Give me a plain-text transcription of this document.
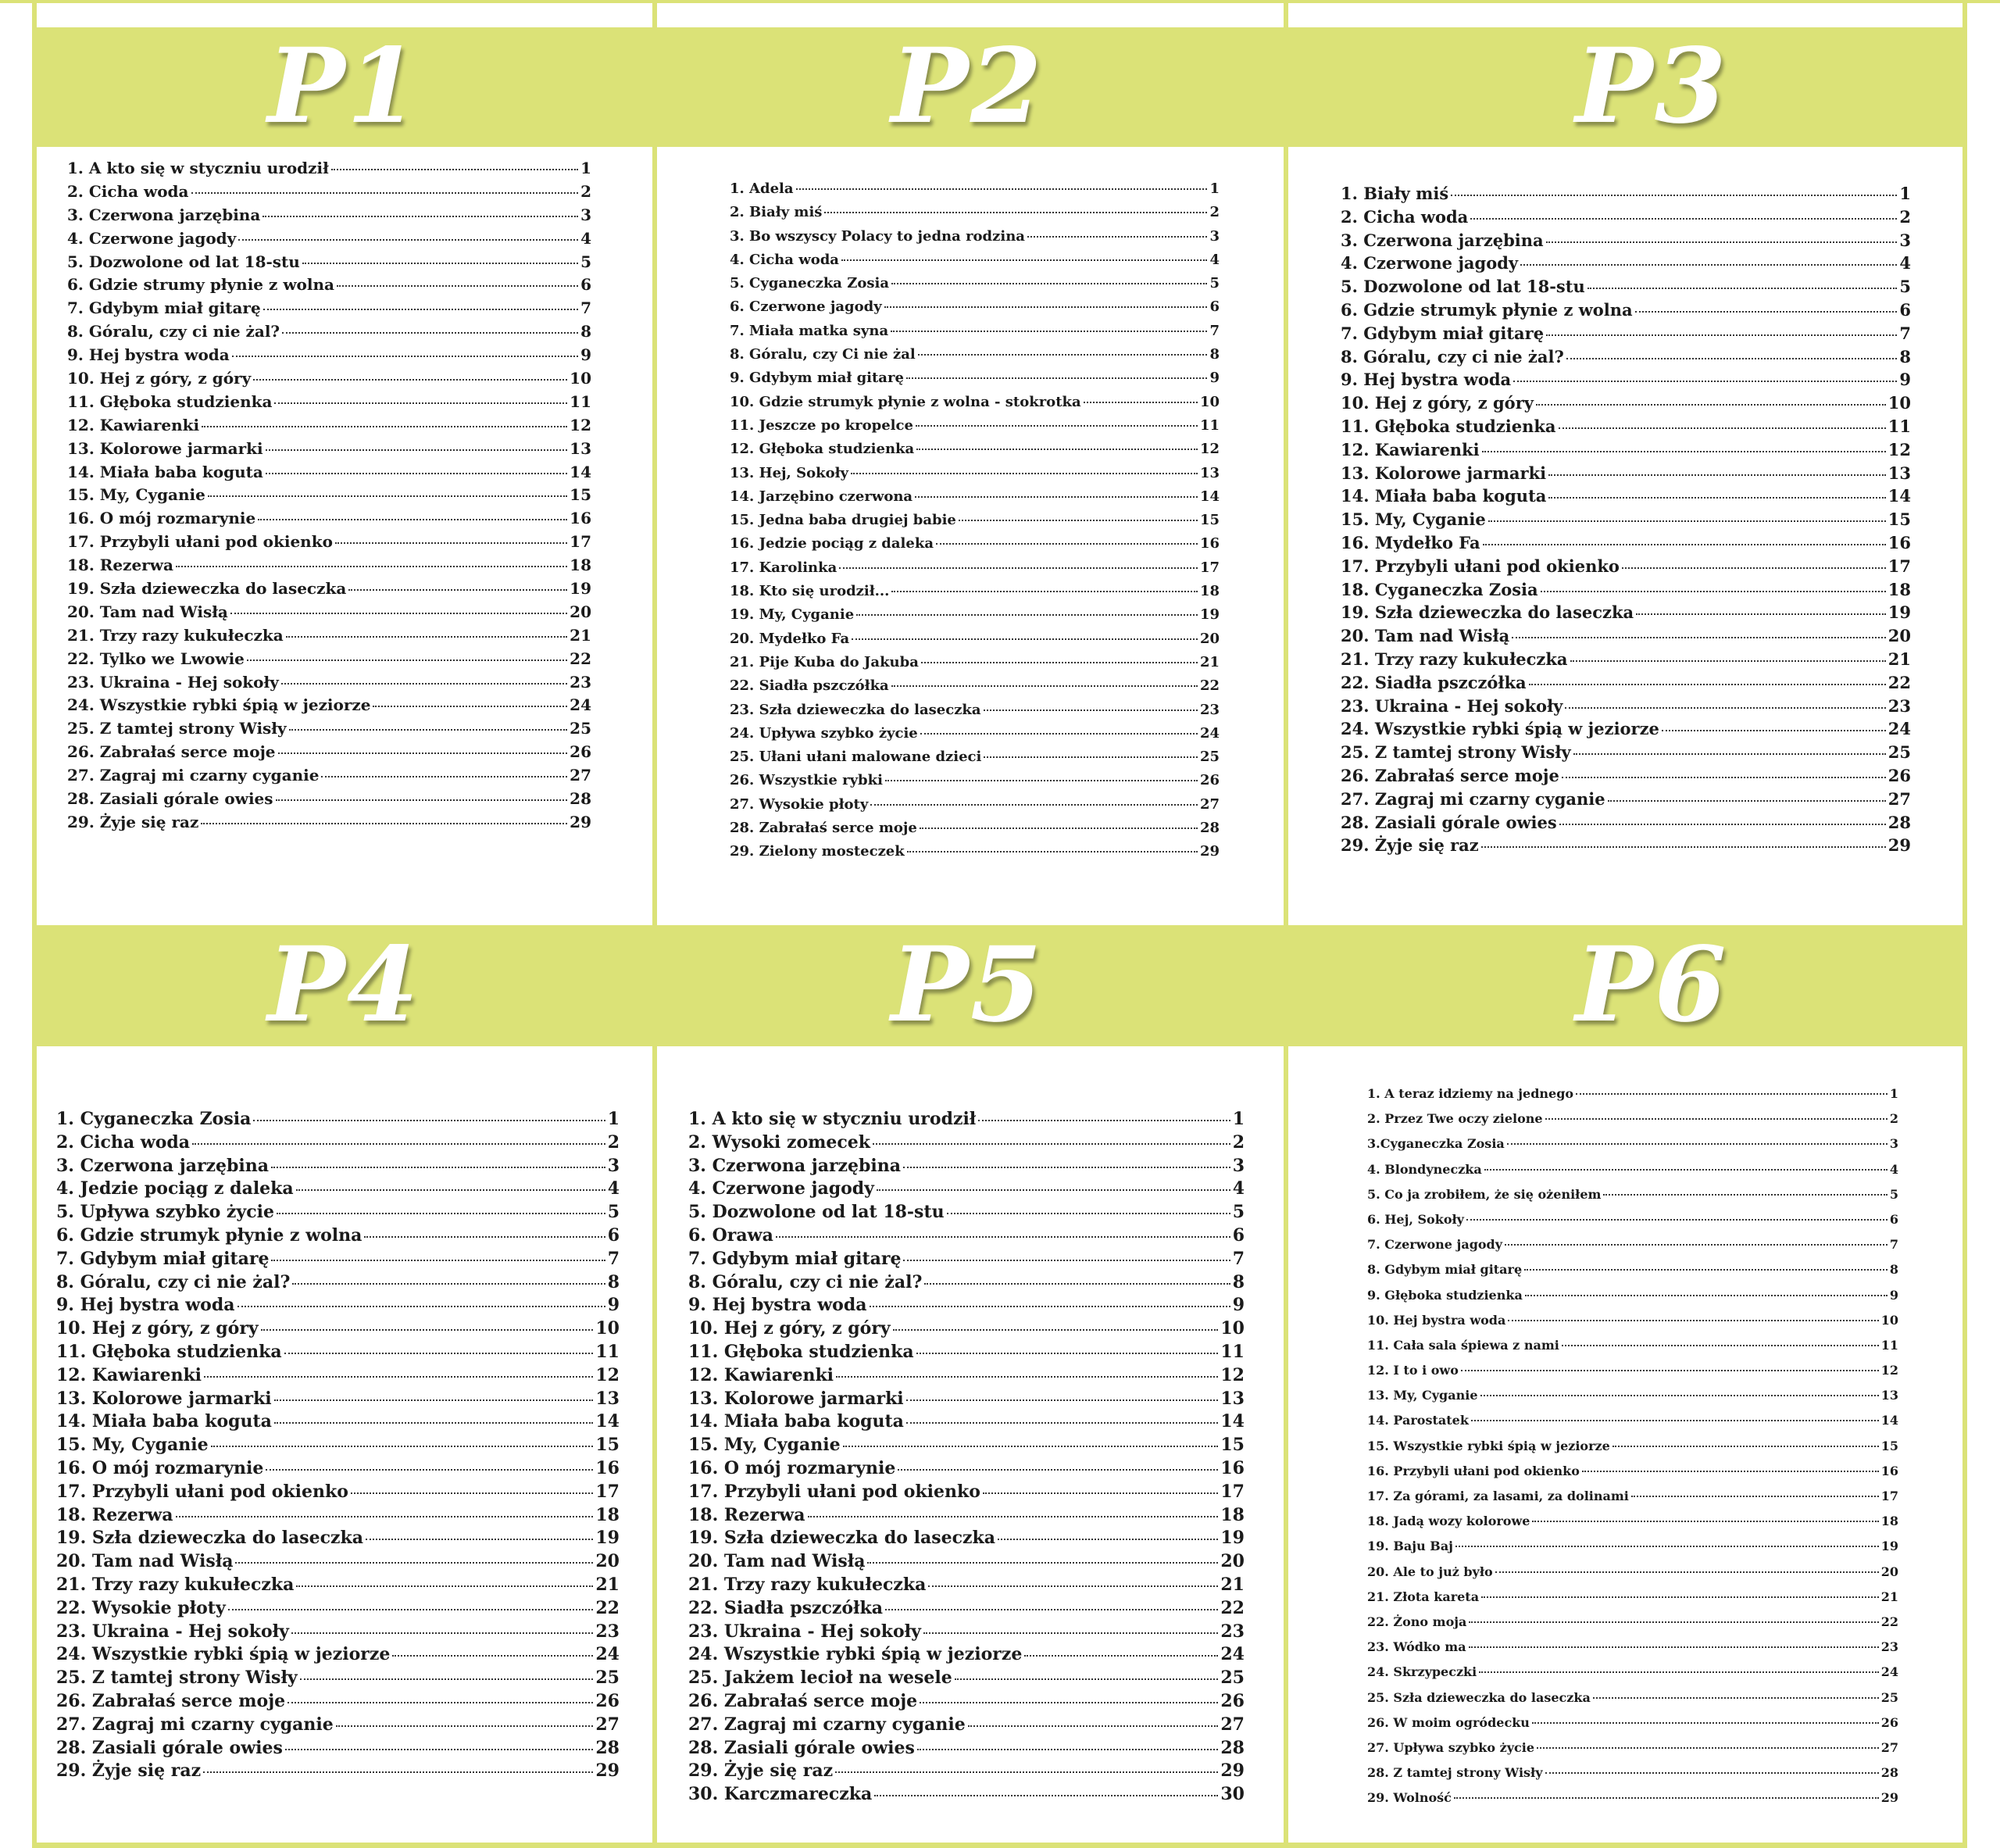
P1	P2	P3
P4	P5	P6
1. A kto się w styczniu urodził	1
2. Cicha woda	2
3. Czerwona jarzębina	3
4. Czerwone jagody	4
5. Dozwolone od lat 18-stu	5
6. Gdzie strumy płynie z wolna	6
7. Gdybym miał gitarę	7
8. Góralu, czy ci nie żal?	8
9. Hej bystra woda	9
10. Hej z góry, z góry	10
11. Głęboka studzienka	11
12. Kawiarenki	12
13. Kolorowe jarmarki	13
14. Miała baba koguta	14
15. My, Cyganie	15
16. O mój rozmarynie	16
17. Przybyli ułani pod okienko	17
18. Rezerwa	18
19. Szła dzieweczka do laseczka	19
20. Tam nad Wisłą	20
21. Trzy razy kukułeczka	21
22. Tylko we Lwowie	22
23. Ukraina - Hej sokoły	23
24. Wszystkie rybki śpią w jeziorze	24
25. Z tamtej strony Wisły	25
26. Zabrałaś serce moje	26
27. Zagraj mi czarny cyganie	27
28. Zasiali górale owies	28
29. Żyje się raz	29
1. Adela	1
2. Biały miś	2
3. Bo wszyscy Polacy to jedna rodzina	3
4. Cicha woda	4
5. Cyganeczka Zosia	5
6. Czerwone jagody	6
7. Miała matka syna	7
8. Góralu, czy Ci nie żal	8
9. Gdybym miał gitarę	9
10. Gdzie strumyk płynie z wolna - stokrotka	10
11. Jeszcze po kropelce	11
12. Głęboka studzienka	12
13. Hej, Sokoły	13
14. Jarzębino czerwona	14
15. Jedna baba drugiej babie	15
16. Jedzie pociąg z daleka	16
17. Karolinka	17
18. Kto się urodził...	18
19. My, Cyganie	19
20. Mydełko Fa	20
21. Pije Kuba do Jakuba	21
22. Siadła pszczółka	22
23. Szła dzieweczka do laseczka	23
24. Upływa szybko życie	24
25. Ułani ułani malowane dzieci	25
26. Wszystkie rybki	26
27. Wysokie płoty	27
28. Zabrałaś serce moje	28
29. Zielony mosteczek	29
1. Biały miś	1
2. Cicha woda	2
3. Czerwona jarzębina	3
4. Czerwone jagody	4
5. Dozwolone od lat 18-stu	5
6. Gdzie strumyk płynie z wolna	6
7. Gdybym miał gitarę	7
8. Góralu, czy ci nie żal?	8
9. Hej bystra woda	9
10. Hej z góry, z góry	10
11. Głęboka studzienka	11
12. Kawiarenki	12
13. Kolorowe jarmarki	13
14. Miała baba koguta	14
15. My, Cyganie	15
16. Mydełko Fa	16
17. Przybyli ułani pod okienko	17
18. Cyganeczka Zosia	18
19. Szła dzieweczka do laseczka	19
20. Tam nad Wisłą	20
21. Trzy razy kukułeczka	21
22. Siadła pszczółka	22
23. Ukraina - Hej sokoły	23
24. Wszystkie rybki śpią w jeziorze	24
25. Z tamtej strony Wisły	25
26. Zabrałaś serce moje	26
27. Zagraj mi czarny cyganie	27
28. Zasiali górale owies	28
29. Żyje się raz	29
1. Cyganeczka Zosia	1
2. Cicha woda	2
3. Czerwona jarzębina	3
4. Jedzie pociąg z daleka	4
5. Upływa szybko życie	5
6. Gdzie strumyk płynie z wolna	6
7. Gdybym miał gitarę	7
8. Góralu, czy ci nie żal?	8
9. Hej bystra woda	9
10. Hej z góry, z góry	10
11. Głęboka studzienka	11
12. Kawiarenki	12
13. Kolorowe jarmarki	13
14. Miała baba koguta	14
15. My, Cyganie	15
16. O mój rozmarynie	16
17. Przybyli ułani pod okienko	17
18. Rezerwa	18
19. Szła dzieweczka do laseczka	19
20. Tam nad Wisłą	20
21. Trzy razy kukułeczka	21
22. Wysokie płoty	22
23. Ukraina - Hej sokoły	23
24. Wszystkie rybki śpią w jeziorze	24
25. Z tamtej strony Wisły	25
26. Zabrałaś serce moje	26
27. Zagraj mi czarny cyganie	27
28. Zasiali górale owies	28
29. Żyje się raz	29
1. A kto się w styczniu urodził	1
2. Wysoki zomecek	2
3. Czerwona jarzębina	3
4. Czerwone jagody	4
5. Dozwolone od lat 18-stu	5
6. Orawa	6
7. Gdybym miał gitarę	7
8. Góralu, czy ci nie żal?	8
9. Hej bystra woda	9
10. Hej z góry, z góry	10
11. Głęboka studzienka	11
12. Kawiarenki	12
13. Kolorowe jarmarki	13
14. Miała baba koguta	14
15. My, Cyganie	15
16. O mój rozmarynie	16
17. Przybyli ułani pod okienko	17
18. Rezerwa	18
19. Szła dzieweczka do laseczka	19
20. Tam nad Wisłą	20
21. Trzy razy kukułeczka	21
22. Siadła pszczółka	22
23. Ukraina - Hej sokoły	23
24. Wszystkie rybki śpią w jeziorze	24
25. Jakżem lecioł na wesele	25
26. Zabrałaś serce moje	26
27. Zagraj mi czarny cyganie	27
28. Zasiali górale owies	28
29. Żyje się raz	29
30. Karczmareczka	30
1. A teraz idziemy na jednego	1
2. Przez Twe oczy zielone	2
3.Cyganeczka Zosia	3
4. Blondyneczka	4
5. Co ja zrobiłem, że się ożeniłem	5
6. Hej, Sokoły	6
7. Czerwone jagody	7
8. Gdybym miał gitarę	8
9. Głęboka studzienka	9
10. Hej bystra woda	10
11. Cała sala śpiewa z nami	11
12. I to i owo	12
13. My, Cyganie	13
14. Parostatek	14
15. Wszystkie rybki śpią w jeziorze	15
16. Przybyli ułani pod okienko	16
17. Za górami, za lasami, za dolinami	17
18. Jadą wozy kolorowe	18
19. Baju Baj	19
20. Ale to już było	20
21. Złota kareta	21
22. Żono moja	22
23. Wódko ma	23
24. Skrzypeczki	24
25. Szła dzieweczka do laseczka	25
26. W moim ogródecku	26
27. Upływa szybko życie	27
28. Z tamtej strony Wisły	28
29. Wolność	29
